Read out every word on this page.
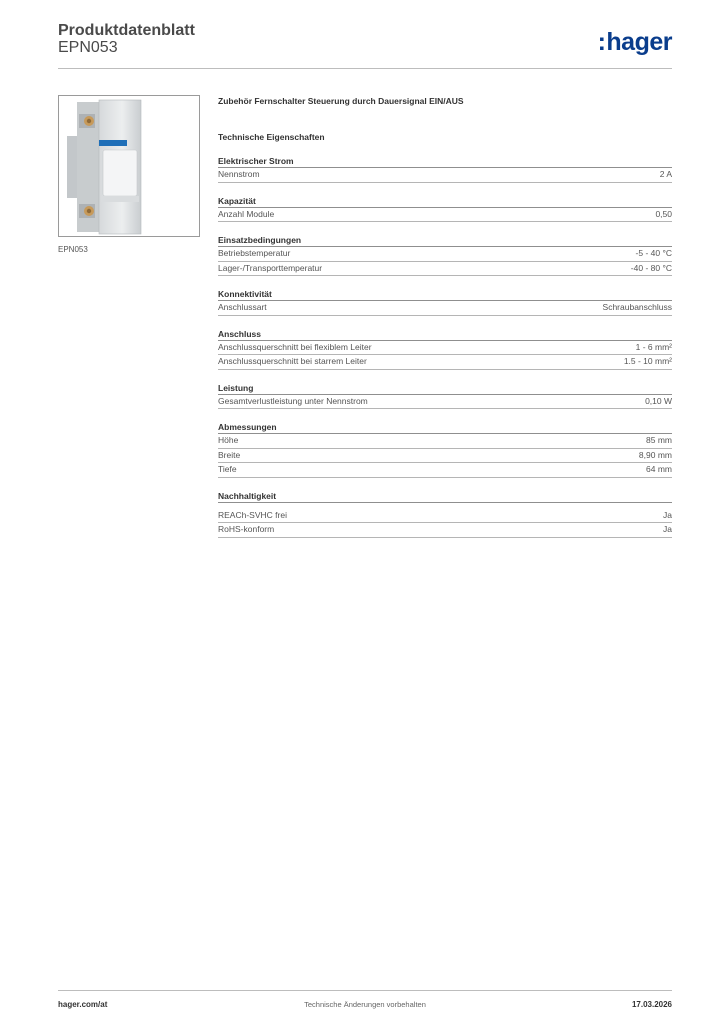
Produktdatenblatt
EPN053	:hager
EPN053
Zubehör Fernschalter Steuerung durch Dauersignal EIN/AUS
Technische Eigenschaften
Elektrischer Strom
Nennstrom	2 A
Kapazität
Anzahl Module	0,50
Einsatzbedingungen
Betriebstemperatur	-5 - 40 °C
Lager-/Transporttemperatur	-40 - 80 °C
Konnektivität
Anschlussart	Schraubanschluss
Anschluss
Anschlussquerschnitt bei flexiblem Leiter	1 - 6 mm²
Anschlussquerschnitt bei starrem Leiter	1.5 - 10 mm²
Leistung
Gesamtverlustleistung unter Nennstrom	0,10 W
Abmessungen
Höhe	85 mm
Breite	8,90 mm
Tiefe	64 mm
Nachhaltigkeit
REACh-SVHC frei	Ja
RoHS-konform	Ja
hager.com/at	Technische Änderungen vorbehalten	17.03.2026
